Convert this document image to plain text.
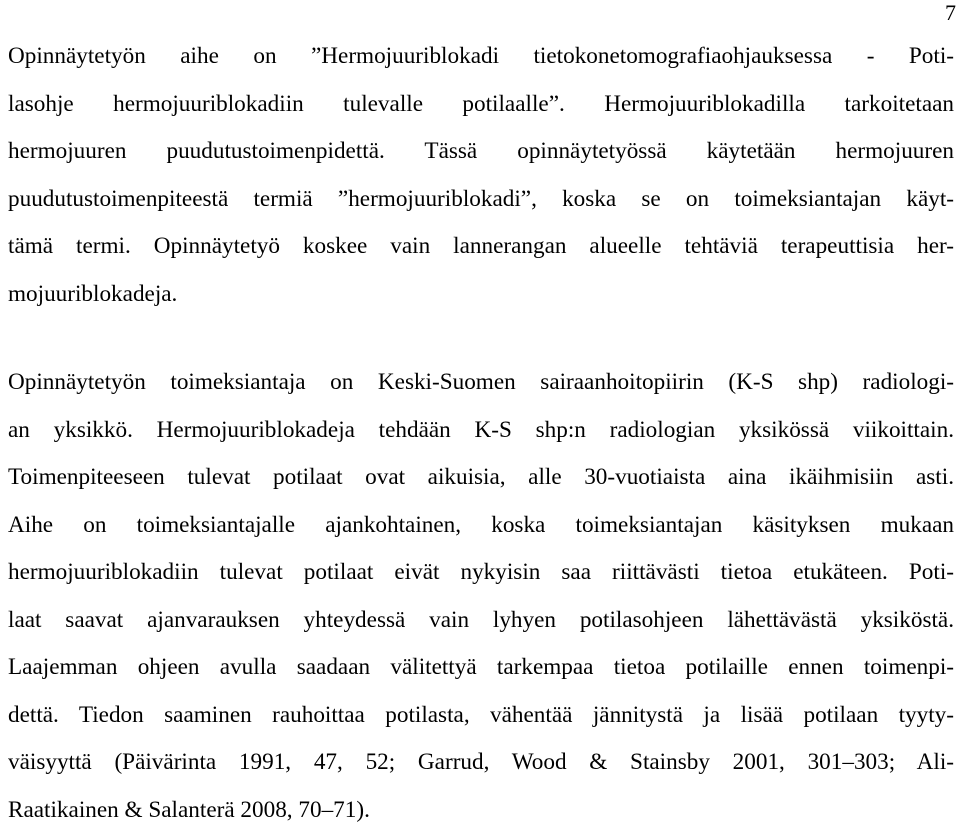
7
Opinnäytetyön aihe on ”Hermojuuriblokadi tietokonetomografiaohjauksessa - Poti-
lasohje hermojuuriblokadiin tulevalle potilaalle”. Hermojuuriblokadilla tarkoitetaan
hermojuuren puudutustoimenpidettä. Tässä opinnäytetyössä käytetään hermojuuren
puudutustoimenpiteestä termiä ”hermojuuriblokadi”, koska se on toimeksiantajan käyt-
tämä termi. Opinnäytetyö koskee vain lannerangan alueelle tehtäviä terapeuttisia her-
mojuuriblokadeja.
Opinnäytetyön toimeksiantaja on Keski-Suomen sairaanhoitopiirin (K-S shp) radiologi-
an yksikkö. Hermojuuriblokadeja tehdään K-S shp:n radiologian yksikössä viikoittain.
Toimenpiteeseen tulevat potilaat ovat aikuisia, alle 30-vuotiaista aina ikäihmisiin asti.
Aihe on toimeksiantajalle ajankohtainen, koska toimeksiantajan käsityksen mukaan
hermojuuriblokadiin tulevat potilaat eivät nykyisin saa riittävästi tietoa etukäteen. Poti-
laat saavat ajanvarauksen yhteydessä vain lyhyen potilasohjeen lähettävästä yksiköstä.
Laajemman ohjeen avulla saadaan välitettyä tarkempaa tietoa potilaille ennen toimenpi-
dettä. Tiedon saaminen rauhoittaa potilasta, vähentää jännitystä ja lisää potilaan tyyty-
väisyyttä (Päivärinta 1991, 47, 52; Garrud, Wood & Stainsby 2001, 301–303; Ali-
Raatikainen & Salanterä 2008, 70–71).
